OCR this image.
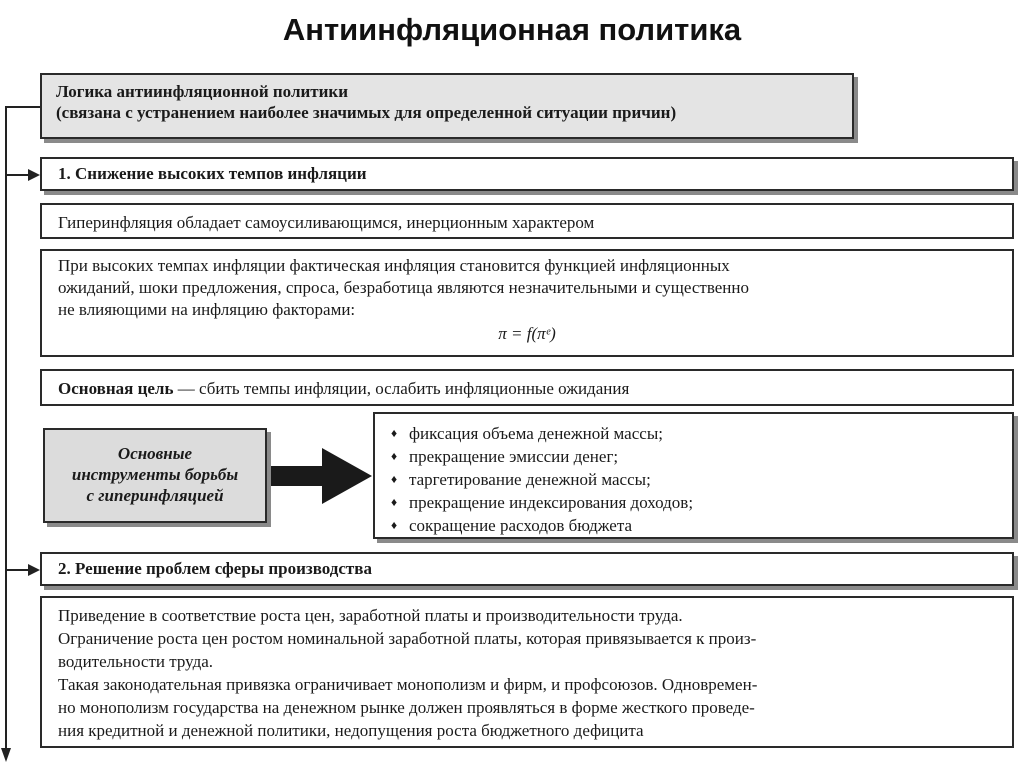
Антиинфляционная политика
Логика антиинфляционной политики
(связана с устранением наиболее значимых для определенной ситуации причин)
1. Снижение высоких темпов инфляции
Гиперинфляция обладает самоусиливающимся, инерционным характером
При высоких темпах инфляции фактическая инфляция становится функцией инфляционных
ожиданий, шоки предложения, спроса, безработица являются незначительными и существенно
не влияющими на инфляцию факторами:
π = f(πᵉ)
Основная цель — сбить темпы инфляции, ослабить инфляционные ожидания
Основные
инструменты борьбы
с гиперинфляцией
♦ фиксация объема денежной массы;
♦ прекращение эмиссии денег;
♦ таргетирование денежной массы;
♦ прекращение индексирования доходов;
♦ сокращение расходов бюджета
2. Решение проблем сферы производства
Приведение в соответствие роста цен, заработной платы и производительности труда.
Ограничение роста цен ростом номинальной заработной платы, которая привязывается к произ-
водительности труда.
Такая законодательная привязка ограничивает монополизм и фирм, и профсоюзов. Одновремен-
но монополизм государства на денежном рынке должен проявляться в форме жесткого проведе-
ния кредитной и денежной политики, недопущения роста бюджетного дефицита
